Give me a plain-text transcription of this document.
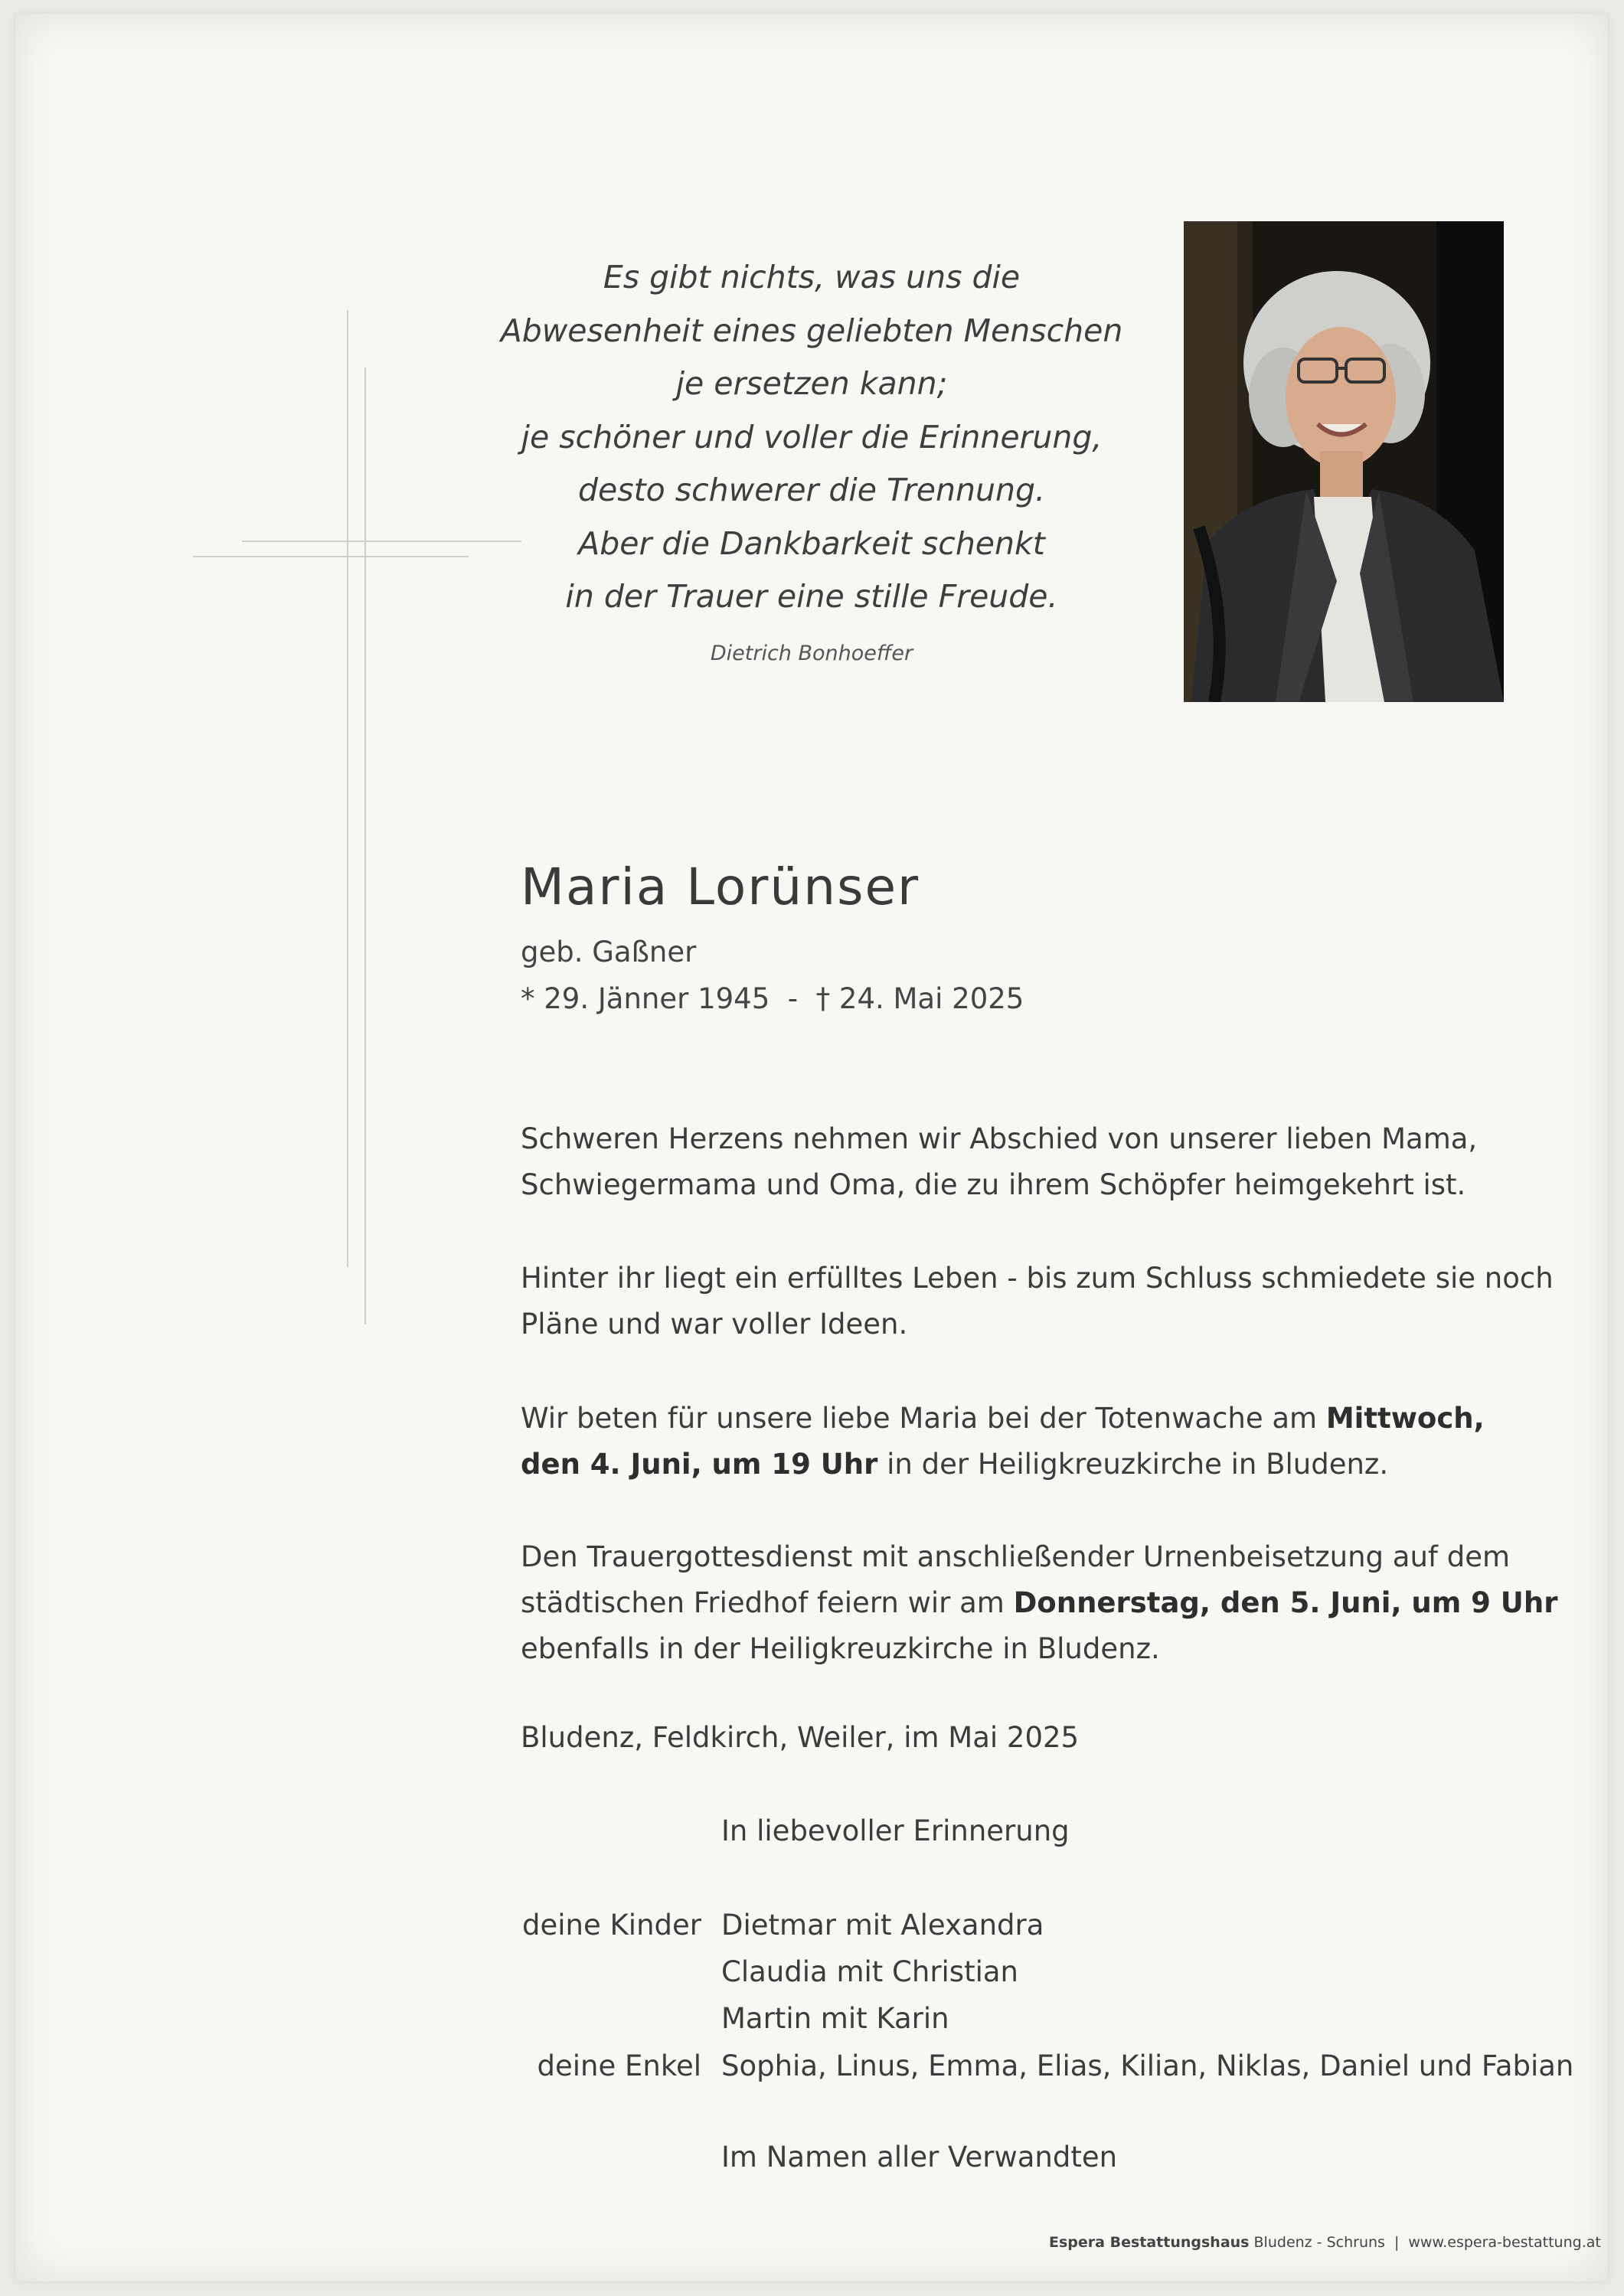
Es gibt nichts, was uns die
Abwesenheit eines geliebten Menschen
je ersetzen kann;
je schöner und voller die Erinnerung,
desto schwerer die Trennung.
Aber die Dankbarkeit schenkt
in der Trauer eine stille Freude.
Dietrich Bonhoeffer
Maria Lorünser
geb. Gaßner
* 29. Jänner 1945  -  † 24. Mai 2025
Schweren Herzens nehmen wir Abschied von unserer lieben Mama,
Schwiegermama und Oma, die zu ihrem Schöpfer heimgekehrt ist.
Hinter ihr liegt ein erfülltes Leben - bis zum Schluss schmiedete sie noch
Pläne und war voller Ideen.
Wir beten für unsere liebe Maria bei der Totenwache am Mittwoch,
den 4. Juni, um 19 Uhr in der Heiligkreuzkirche in Bludenz.
Den Trauergottesdienst mit anschließender Urnenbeisetzung auf dem
städtischen Friedhof feiern wir am Donnerstag, den 5. Juni, um 9 Uhr
ebenfalls in der Heiligkreuzkirche in Bludenz.
Bludenz, Feldkirch, Weiler, im Mai 2025
In liebevoller Erinnerung
deine Kinder Dietmar mit Alexandra
Claudia mit Christian
Martin mit Karin
deine Enkel Sophia, Linus, Emma, Elias, Kilian, Niklas, Daniel und Fabian
Im Namen aller Verwandten
Espera Bestattungshaus Bludenz - Schruns | www.espera-bestattung.at
